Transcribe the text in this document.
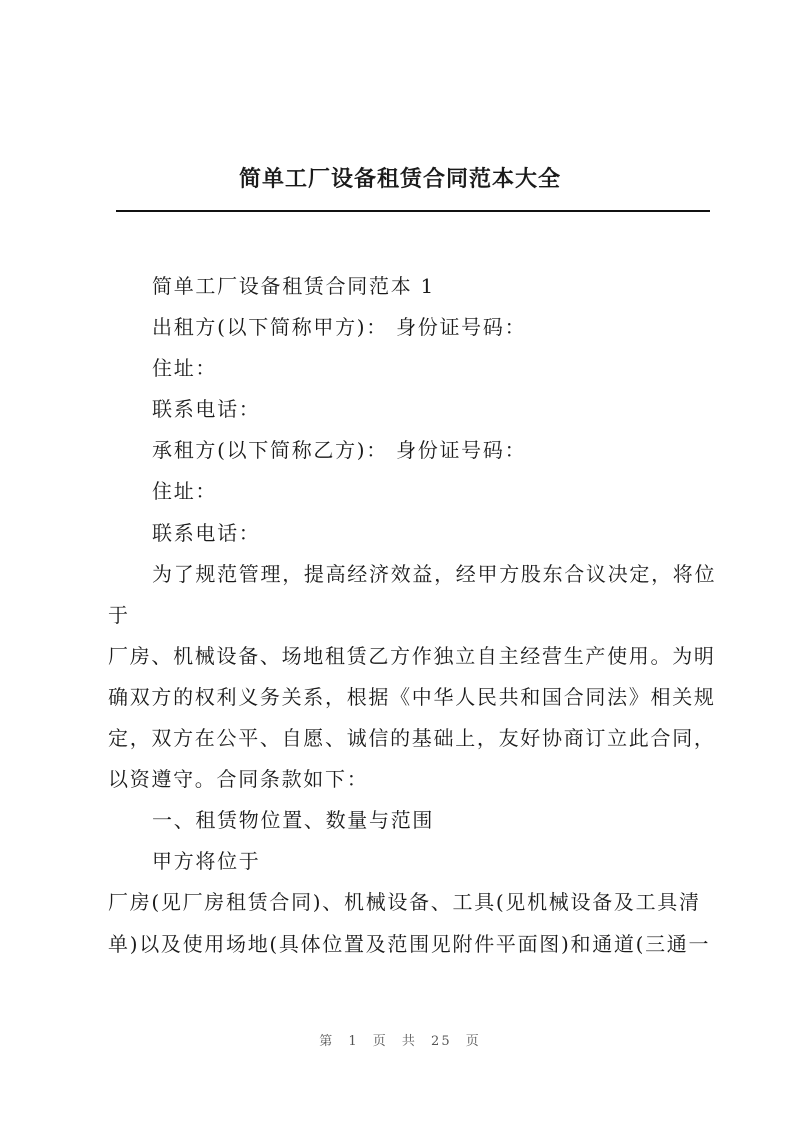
简单工厂设备租赁合同范本大全

简单工厂设备租赁合同范本 1

出租方(以下简称甲方)： 身份证号码：

住址：

联系电话：

承租方(以下简称乙方)： 身份证号码：

住址：

联系电话：

为了规范管理，提高经济效益，经甲方股东合议决定，将位

于

厂房、机械设备、场地租赁乙方作独立自主经营生产使用。为明

确双方的权利义务关系，根据《中华人民共和国合同法》相关规

定，双方在公平、自愿、诚信的基础上，友好协商订立此合同，

以资遵守。合同条款如下：

一、租赁物位置、数量与范围

甲方将位于

厂房(见厂房租赁合同)、机械设备、工具(见机械设备及工具清

单)以及使用场地(具体位置及范围见附件平面图)和通道(三通一

第 1 页 共 25 页
